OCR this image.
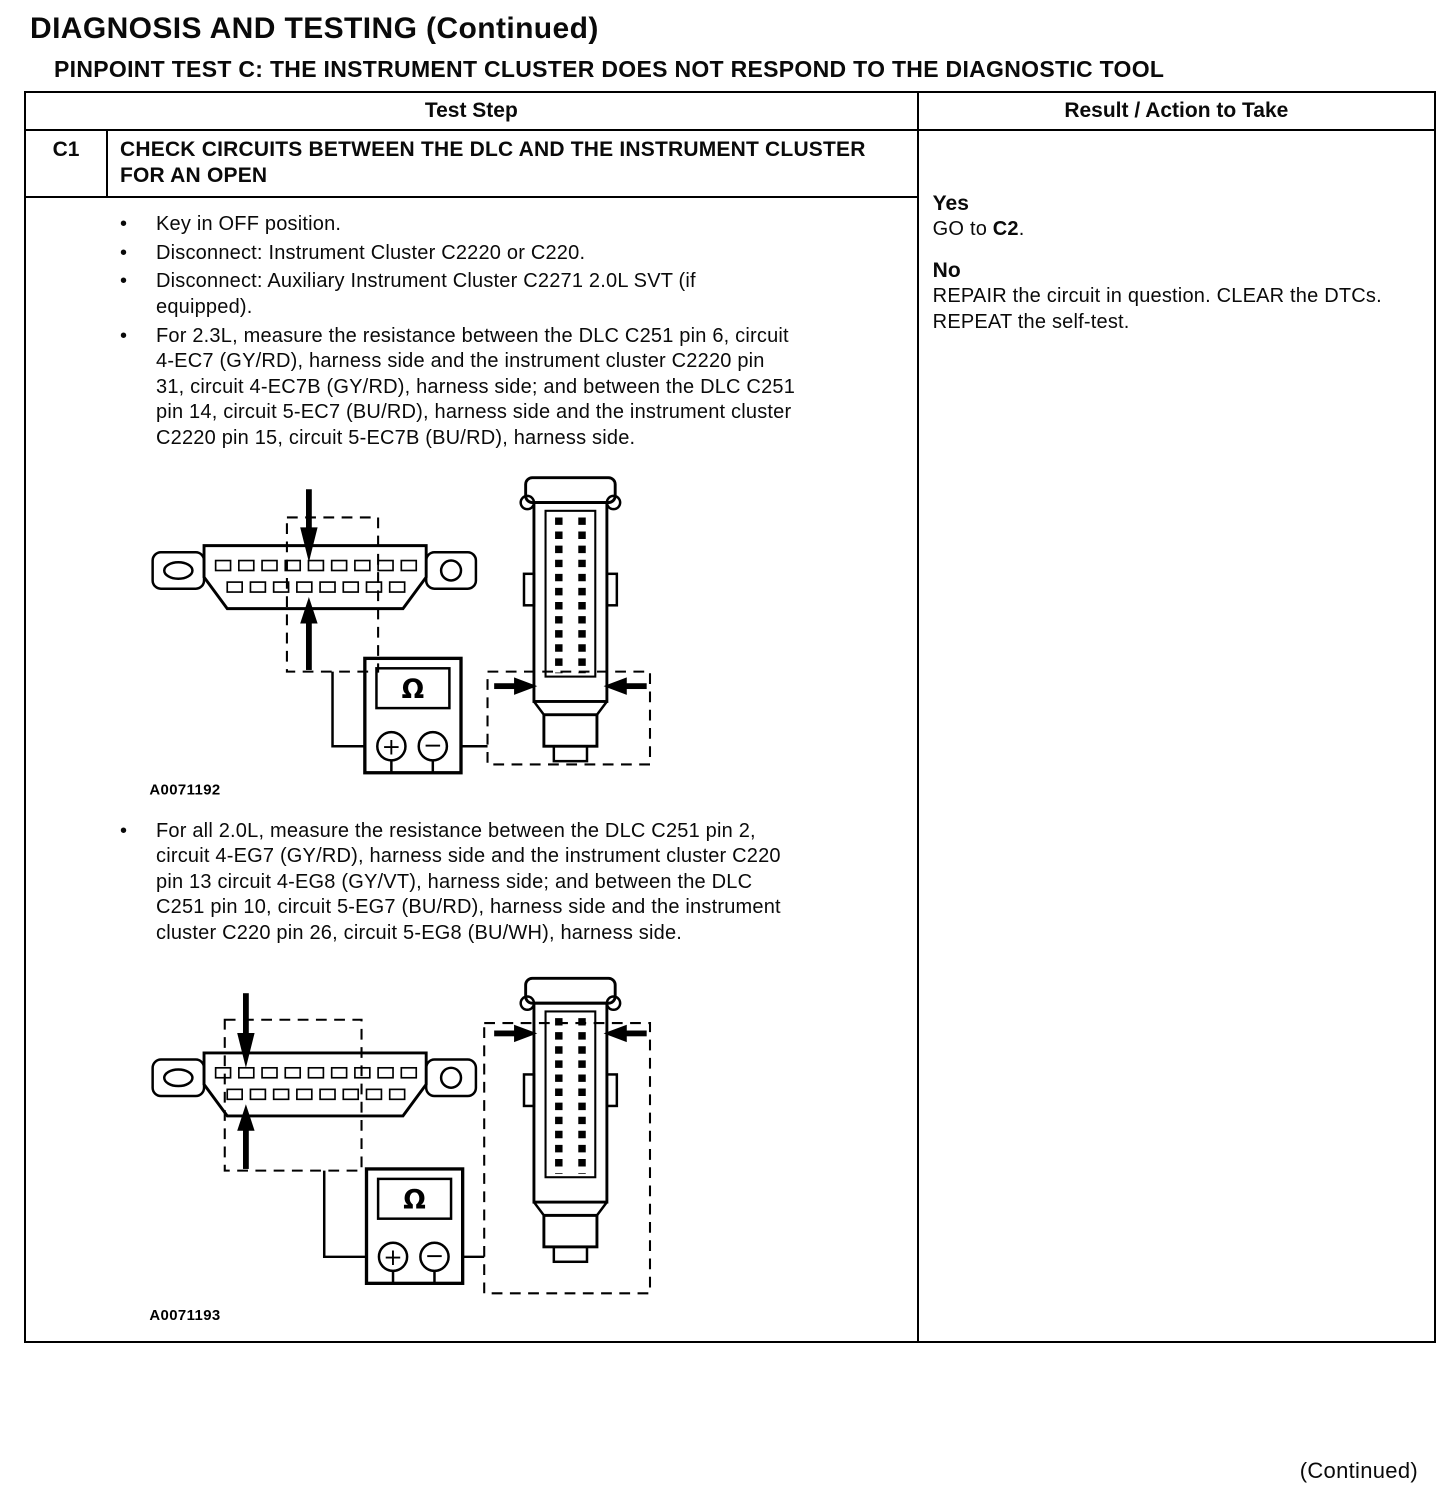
DIAGNOSIS AND TESTING (Continued)
PINPOINT TEST C: THE INSTRUMENT CLUSTER DOES NOT RESPOND TO THE DIAGNOSTIC TOOL
Test Step	Result / Action to Take
C1	CHECK CIRCUITS BETWEEN THE DLC AND THE INSTRUMENT CLUSTER FOR AN OPEN
• Key in OFF position.
• Disconnect: Instrument Cluster C2220 or C220.
• Disconnect: Auxiliary Instrument Cluster C2271 2.0L SVT (if equipped).
• For 2.3L, measure the resistance between the DLC C251 pin 6, circuit 4-EC7 (GY/RD), harness side and the instrument cluster C2220 pin 31, circuit 4-EC7B (GY/RD), harness side; and between the DLC C251 pin 14, circuit 5-EC7 (BU/RD), harness side and the instrument cluster C2220 pin 15, circuit 5-EC7B (BU/RD), harness side.
Ω
+ −
A0071192
• For all 2.0L, measure the resistance between the DLC C251 pin 2, circuit 4-EG7 (GY/RD), harness side and the instrument cluster C220 pin 13 circuit 4-EG8 (GY/VT), harness side; and between the DLC C251 pin 10, circuit 5-EG7 (BU/RD), harness side and the instrument cluster C220 pin 26, circuit 5-EG8 (BU/WH), harness side.
Ω
+ −
A0071193
Yes

GO to C2.

No

REPAIR the circuit in question. CLEAR the DTCs. REPEAT the self-test.

(Continued)
